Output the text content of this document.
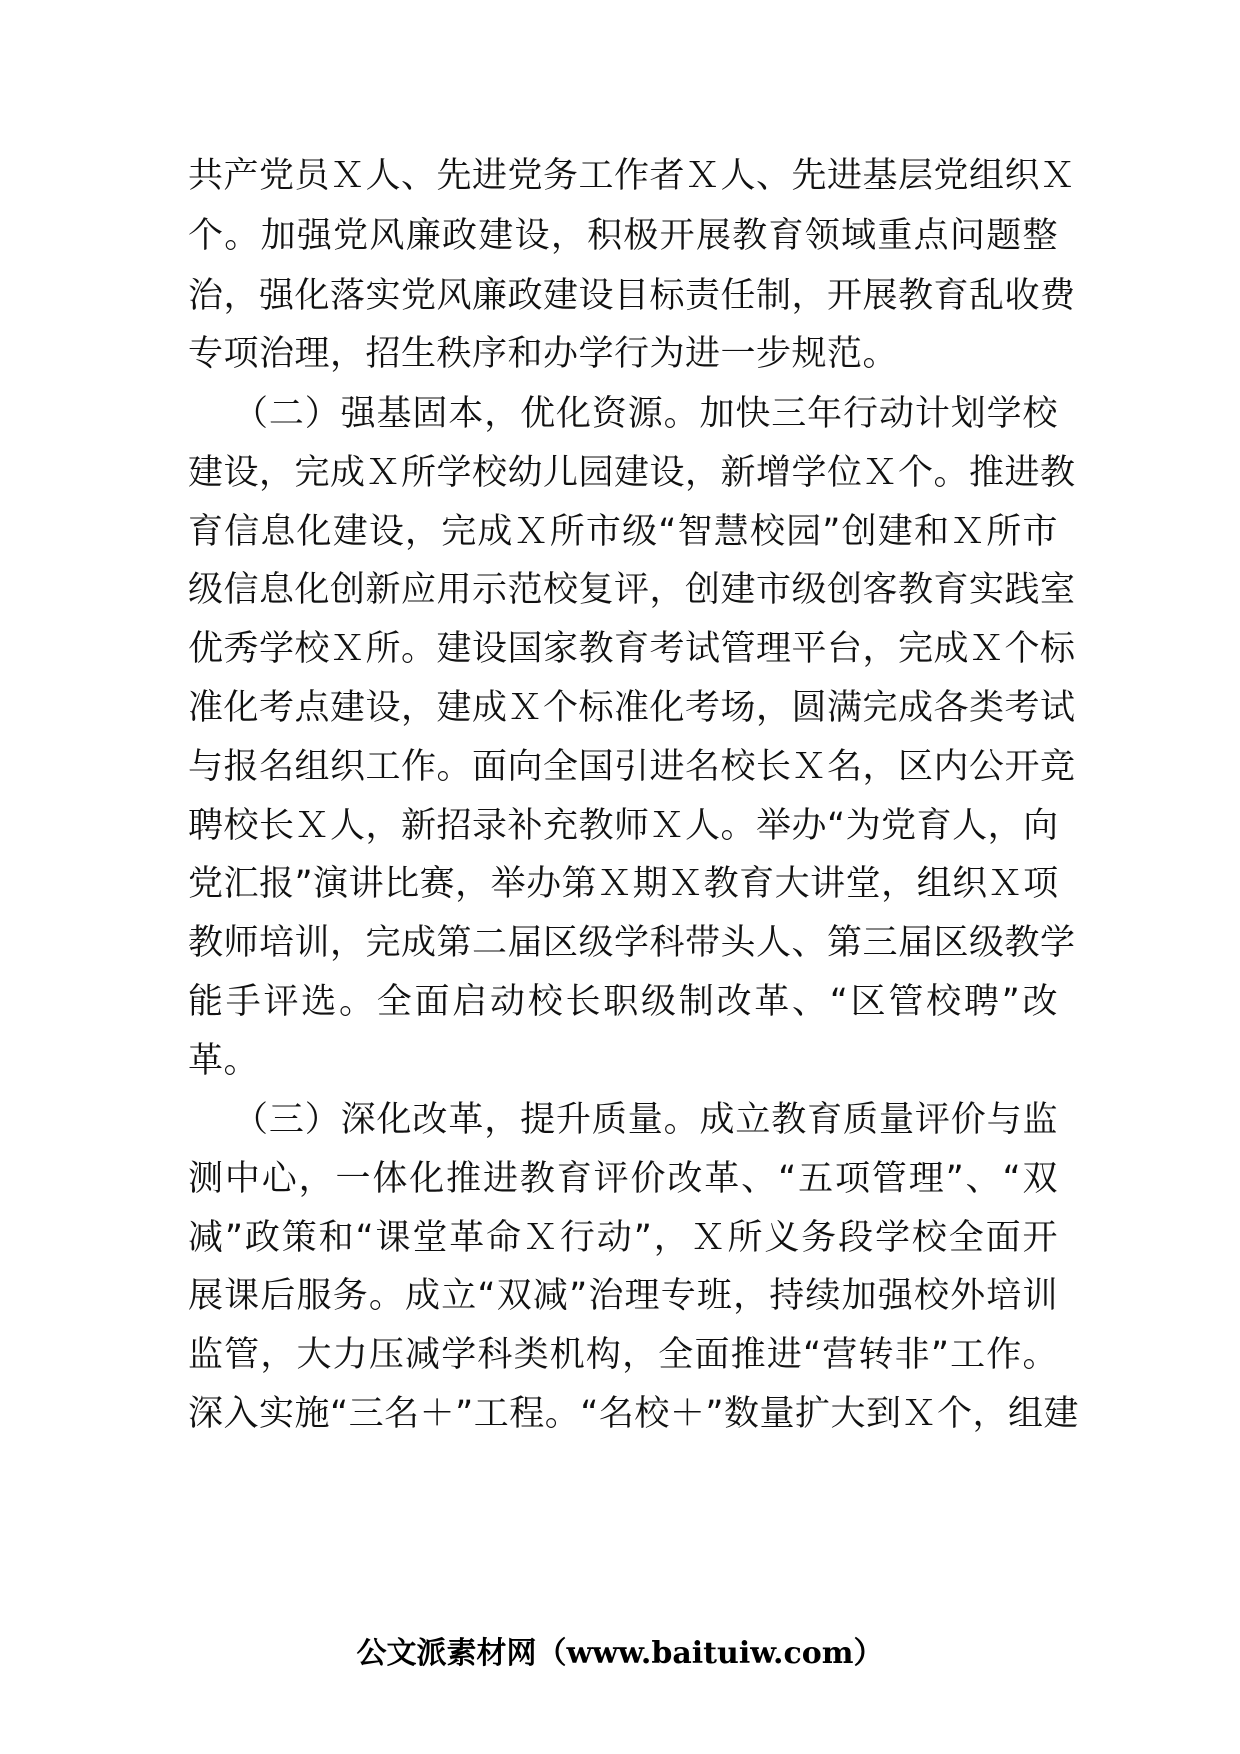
共产党员Ｘ人、先进党务工作者Ｘ人、先进基层党组织Ｘ
个。加强党风廉政建设，积极开展教育领域重点问题整
治，强化落实党风廉政建设目标责任制，开展教育乱收费
专项治理，招生秩序和办学行为进一步规范。
（二）强基固本，优化资源。加快三年行动计划学校
建设，完成Ｘ所学校幼儿园建设，新增学位Ｘ个。推进教
育信息化建设，完成Ｘ所市级“智慧校园”创建和Ｘ所市
级信息化创新应用示范校复评，创建市级创客教育实践室
优秀学校Ｘ所。建设国家教育考试管理平台，完成Ｘ个标
准化考点建设，建成Ｘ个标准化考场，圆满完成各类考试
与报名组织工作。面向全国引进名校长Ｘ名，区内公开竞
聘校长Ｘ人，新招录补充教师Ｘ人。举办“为党育人，向
党汇报”演讲比赛，举办第Ｘ期Ｘ教育大讲堂，组织Ｘ项
教师培训，完成第二届区级学科带头人、第三届区级教学
能手评选。全面启动校长职级制改革、“区管校聘”改
革。
（三）深化改革，提升质量。成立教育质量评价与监
测中心，一体化推进教育评价改革、“五项管理”、“双
减”政策和“课堂革命Ｘ行动”，Ｘ所义务段学校全面开
展课后服务。成立“双减”治理专班，持续加强校外培训
监管，大力压减学科类机构，全面推进“营转非”工作。
深入实施“三名＋”工程。“名校＋”数量扩大到Ｘ个，组建
公文派素材网（www.baituiw.com）
